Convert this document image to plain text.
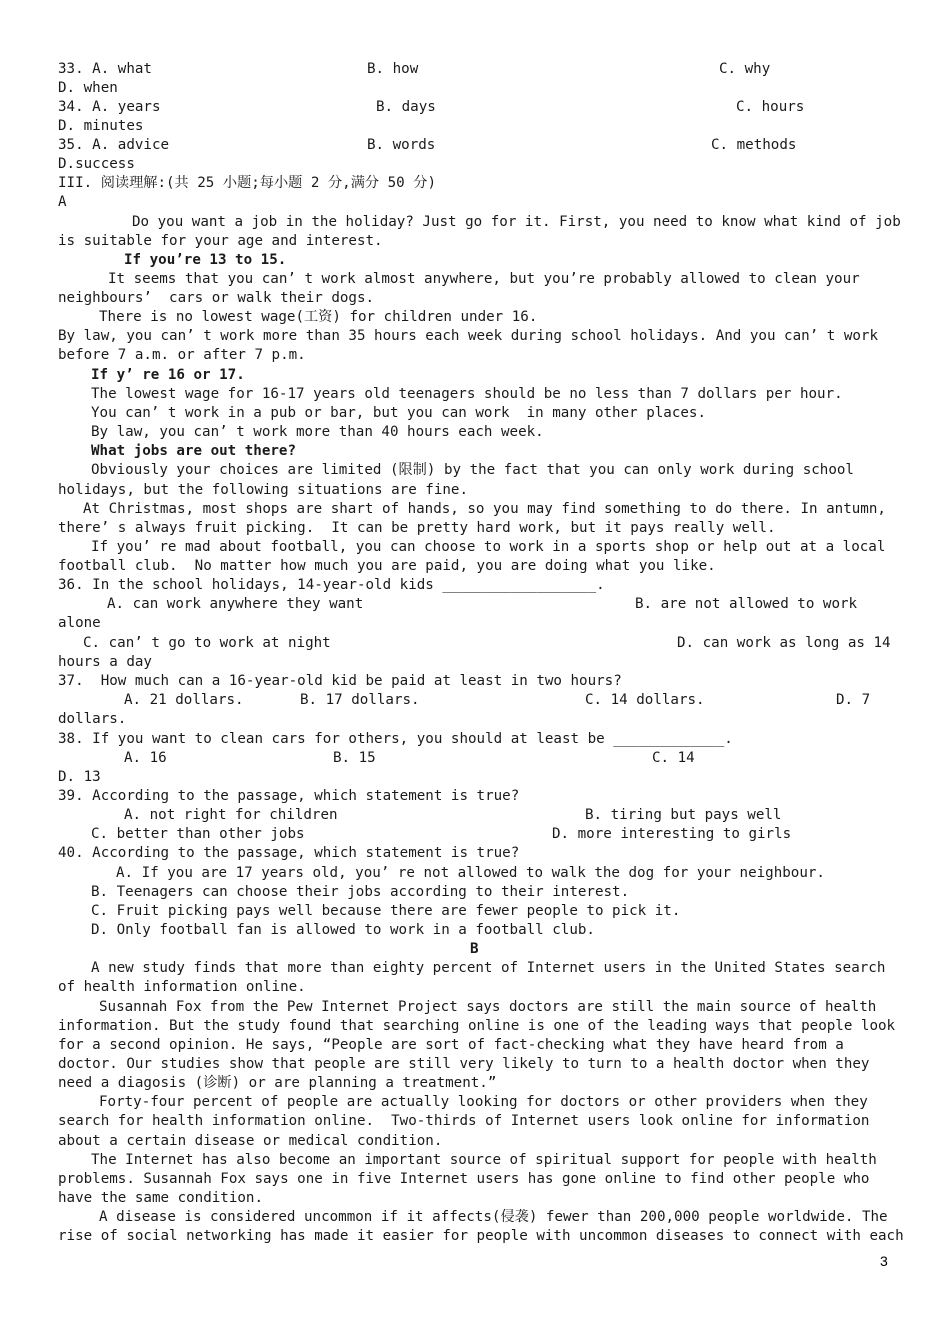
33. A. what

	B. how

	C. why

D. when

34. A. years

	B. days

	C. hours

D. minutes

35. A. advice

	B. words

	C. methods

D.success

III. 阅读理解:(共 25 小题;每小题 2 分,满分 50 分)

A

Do you want a job in the holiday? Just go for it. First, you need to know what kind of job
is suitable for your age and interest.
If you’re 13 to 15.
It seems that you can’ t work almost anywhere, but you’re probably allowed to clean your
neighbours’  cars or walk their dogs.
There is no lowest wage(工资) for children under 16.
By law, you can’ t work more than 35 hours each week during school holidays. And you can’ t work
before 7 a.m. or after 7 p.m.
If y’ re 16 or 17.
The lowest wage for 16-17 years old teenagers should be no less than 7 dollars per hour.
You can’ t work in a pub or bar, but you can work  in many other places.
By law, you can’ t work more than 40 hours each week.
What jobs are out there?
Obviously your choices are limited (限制) by the fact that you can only work during school
holidays, but the following situations are fine.
At Christmas, most shops are shart of hands, so you may find something to do there. In antumn,
there’ s always fruit picking.  It can be pretty hard work, but it pays really well.
If you’ re mad about football, you can choose to work in a sports shop or help out at a local
football club.  No matter how much you are paid, you are doing what you like.
36. In the school holidays, 14-year-old kids __________________.

A. can work anywhere they want

	B. are not allowed to work

alone

C. can’ t go to work at night

	D. can work as long as 14

hours a day
37.  How much can a 16-year-old kid be paid at least in two hours?

A. 21 dollars.

	B. 17 dollars.

	C. 14 dollars.

	D. 7

dollars.
38. If you want to clean cars for others, you should at least be _____________.

A. 16

	B. 15

	C. 14

D. 13
39. According to the passage, which statement is true?

A. not right for children

	B. tiring but pays well

C. better than other jobs

	D. more interesting to girls

40. According to the passage, which statement is true?
A. If you are 17 years old, you’ re not allowed to walk the dog for your neighbour.
B. Teenagers can choose their jobs according to their interest.
C. Fruit picking pays well because there are fewer people to pick it.
D. Only football fan is allowed to work in a football club.
B
A new study finds that more than eighty percent of Internet users in the United States search
of health information online.
Susannah Fox from the Pew Internet Project says doctors are still the main source of health
information. But the study found that searching online is one of the leading ways that people look
for a second opinion. He says, “People are sort of fact-checking what they have heard from a
doctor. Our studies show that people are still very likely to turn to a health doctor when they
need a diagosis (诊断) or are planning a treatment.”
Forty-four percent of people are actually looking for doctors or other providers when they
search for health information online.  Two-thirds of Internet users look online for information
about a certain disease or medical condition.
The Internet has also become an important source of spiritual support for people with health
problems. Susannah Fox says one in five Internet users has gone online to find other people who
have the same condition.
A disease is considered uncommon if it affects(侵袭) fewer than 200,000 people worldwide. The
rise of social networking has made it easier for people with uncommon diseases to connect with each
3
